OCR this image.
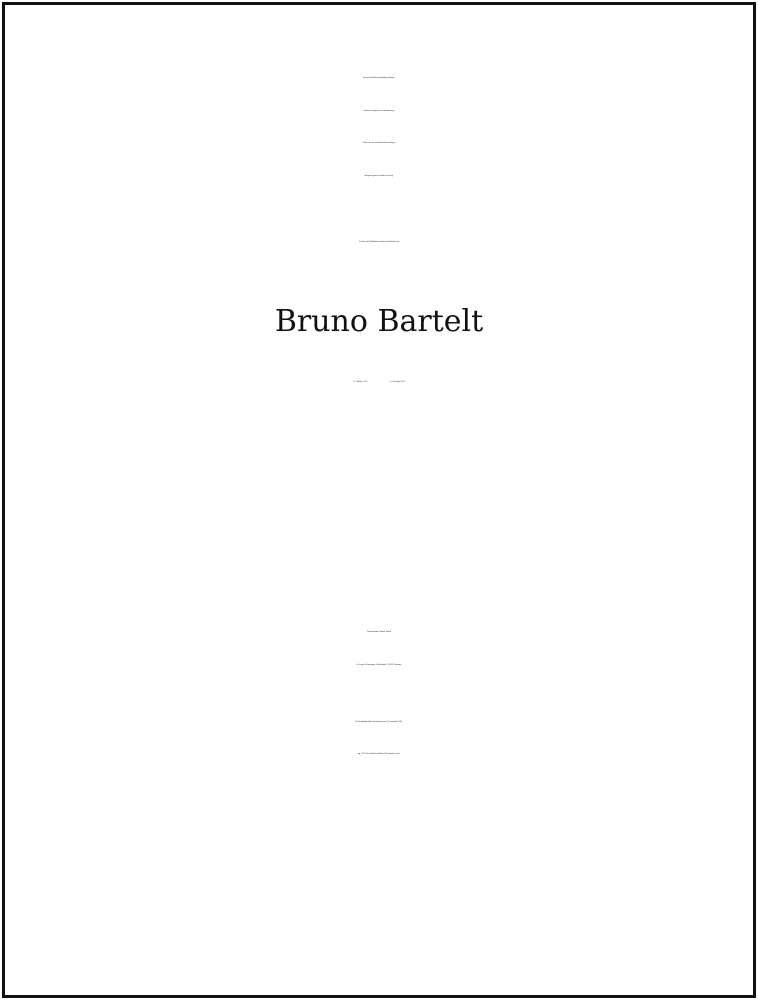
Von guten Mächten wunderbar geborgen,
erwarten wir getrost, was kommen mag.
Gott ist bei uns am Abend und am Morgen
und ganz gewiss an jedem neuen Tag.
In Liebe und Dankbarkeit nehmen wir Abschied von
Bruno Bartelt
* 25. Oktober 1935	† 9. September 2021
Traueranschrift: Familie Bartelt
c/o Lenger Bestattungen, Schloßstraße 2, 48612 Horstmar
Die Beerdigung findet am Samstag, dem 18. September 2021,
um 11.00 Uhr auf dem Friedhof in Horstmar-Leer statt.
